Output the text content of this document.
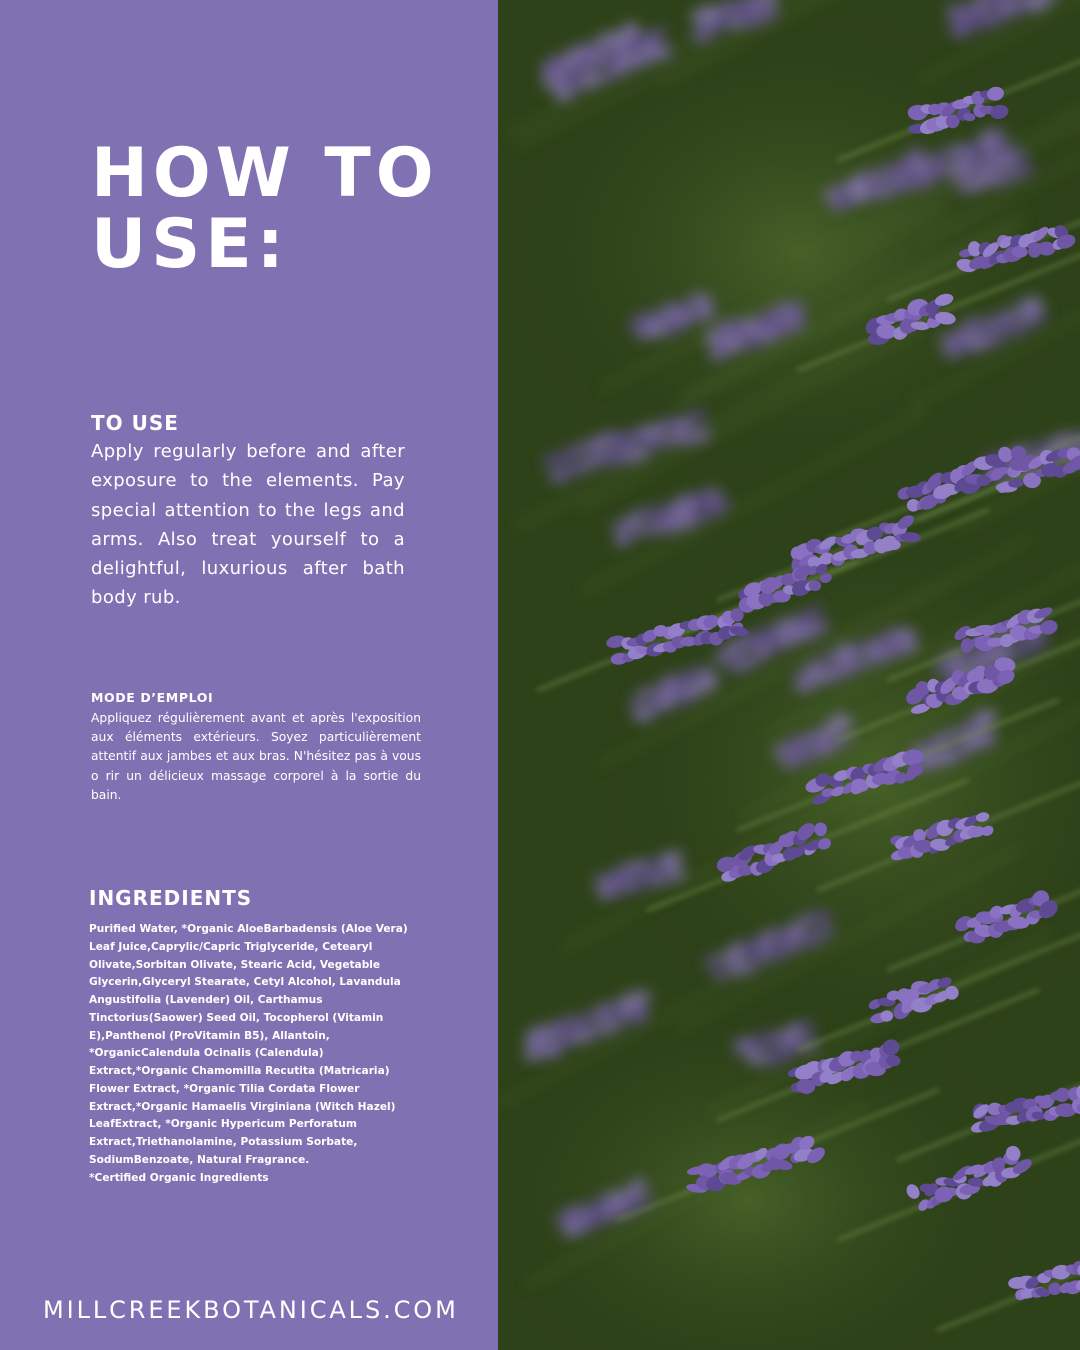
HOW TO
USE:
TO USE

Apply regularly before and after exposure to the elements. Pay special attention to the legs and arms. Also treat yourself to a delightful, luxurious after bath body rub.

MODE D’EMPLOI

Appliquez régulièrement avant et après l'exposition aux éléments extérieurs. Soyez particulièrement attentif aux jambes et aux bras. N'hésitez pas à vous o rir un délicieux massage corporel à la sortie du bain.

INGREDIENTS
Purified Water, *Organic AloeBarbadensis (Aloe Vera)
Leaf Juice,Caprylic/Capric Triglyceride, Cetearyl
Olivate,Sorbitan Olivate, Stearic Acid, Vegetable
Glycerin,Glyceryl Stearate, Cetyl Alcohol, Lavandula
Angustifolia (Lavender) Oil, Carthamus
Tinctorius(Saower) Seed Oil, Tocopherol (Vitamin
E),Panthenol (ProVitamin B5), Allantoin,
*OrganicCalendula Ocinalis (Calendula)
Extract,*Organic Chamomilla Recutita (Matricaria)
Flower Extract, *Organic Tilia Cordata Flower
Extract,*Organic Hamaelis Virginiana (Witch Hazel)
LeafExtract, *Organic Hypericum Perforatum
Extract,Triethanolamine, Potassium Sorbate,
SodiumBenzoate, Natural Fragrance.
*Certified Organic Ingredients
MILLCREEKBOTANICALS.COM
